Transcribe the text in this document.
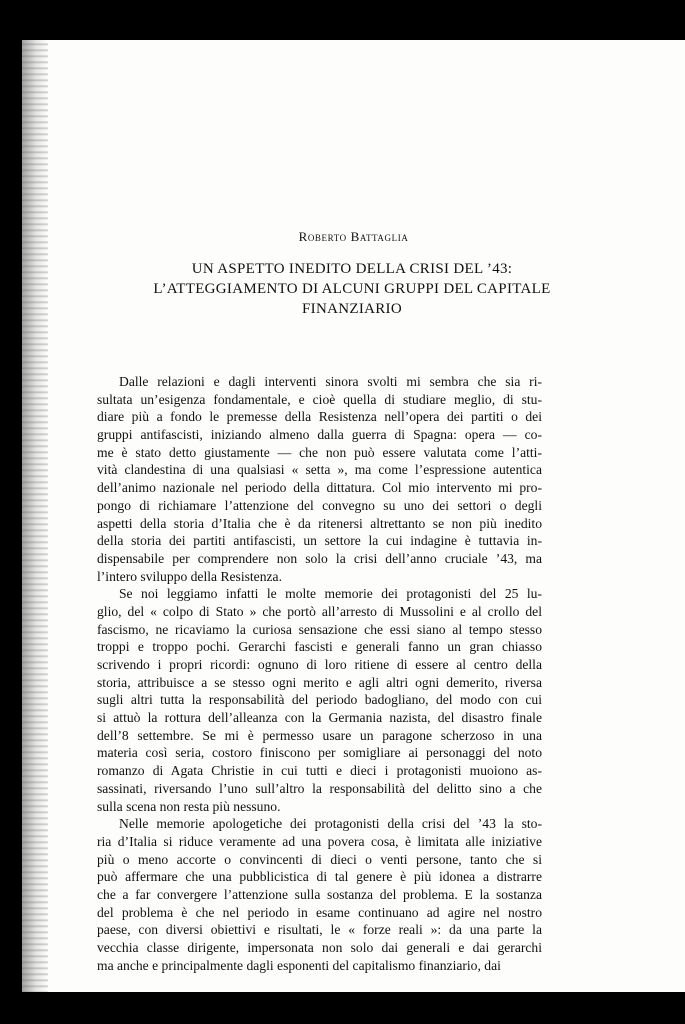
Roberto Battaglia
UN ASPETTO INEDITO DELLA CRISI DEL ’43:
L’ATTEGGIAMENTO DI ALCUNI GRUPPI DEL CAPITALE
FINANZIARIO
Dalle relazioni e dagli interventi sinora svolti mi sembra che sia ri-
sultata un’esigenza fondamentale, e cioè quella di studiare meglio, di stu-
diare più a fondo le premesse della Resistenza nell’opera dei partiti o dei
gruppi antifascisti, iniziando almeno dalla guerra di Spagna: opera — co-
me è stato detto giustamente — che non può essere valutata come l’atti-
vità clandestina di una qualsiasi « setta », ma come l’espressione autentica
dell’animo nazionale nel periodo della dittatura. Col mio intervento mi pro-
pongo di richiamare l’attenzione del convegno su uno dei settori o degli
aspetti della storia d’Italia che è da ritenersi altrettanto se non più inedito
della storia dei partiti antifascisti, un settore la cui indagine è tuttavia in-
dispensabile per comprendere non solo la crisi dell’anno cruciale ’43, ma
l’intero sviluppo della Resistenza.
Se noi leggiamo infatti le molte memorie dei protagonisti del 25 lu-
glio, del « colpo di Stato » che portò all’arresto di Mussolini e al crollo del
fascismo, ne ricaviamo la curiosa sensazione che essi siano al tempo stesso
troppi e troppo pochi. Gerarchi fascisti e generali fanno un gran chiasso
scrivendo i propri ricordi: ognuno di loro ritiene di essere al centro della
storia, attribuisce a se stesso ogni merito e agli altri ogni demerito, riversa
sugli altri tutta la responsabilità del periodo badogliano, del modo con cui
si attuò la rottura dell’alleanza con la Germania nazista, del disastro finale
dell’8 settembre. Se mi è permesso usare un paragone scherzoso in una
materia così seria, costoro finiscono per somigliare ai personaggi del noto
romanzo di Agata Christie in cui tutti e dieci i protagonisti muoiono as-
sassinati, riversando l’uno sull’altro la responsabilità del delitto sino a che
sulla scena non resta più nessuno.
Nelle memorie apologetiche dei protagonisti della crisi del ’43 la sto-
ria d’Italia si riduce veramente ad una povera cosa, è limitata alle iniziative
più o meno accorte o convincenti di dieci o venti persone, tanto che si
può affermare che una pubblicistica di tal genere è più idonea a distrarre
che a far convergere l’attenzione sulla sostanza del problema. E la sostanza
del problema è che nel periodo in esame continuano ad agire nel nostro
paese, con diversi obiettivi e risultati, le « forze reali »: da una parte la
vecchia classe dirigente, impersonata non solo dai generali e dai gerarchi
ma anche e principalmente dagli esponenti del capitalismo finanziario, dai
